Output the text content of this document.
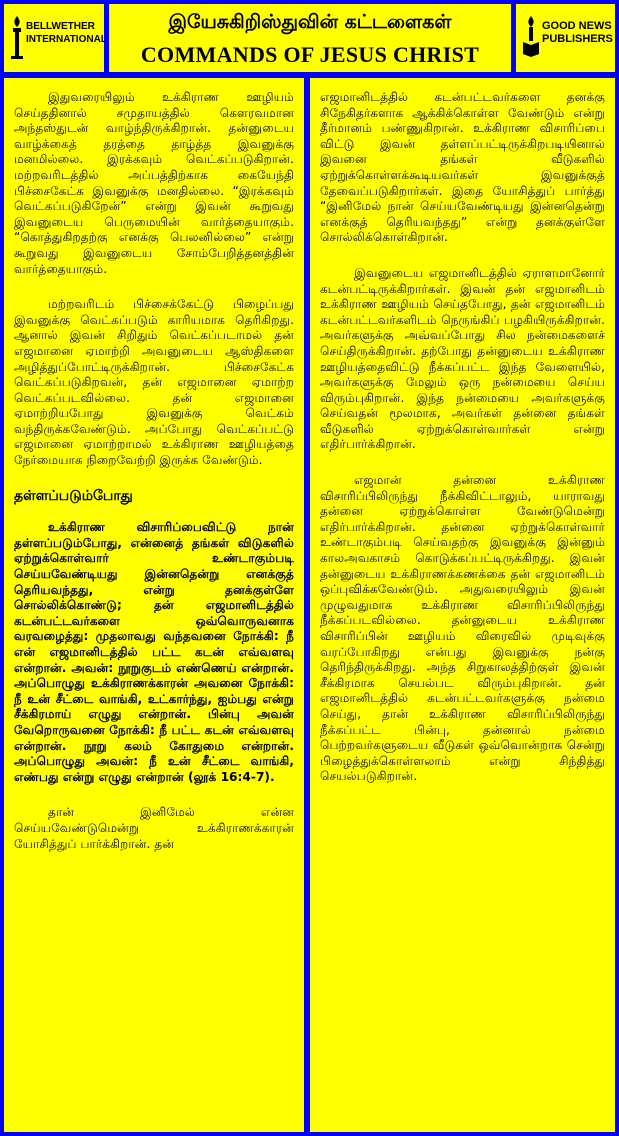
BELLWETHER
INTERNATIONAL
இயேசுகிறிஸ்துவின் கட்டளைகள்
COMMANDS OF JESUS CHRIST
GOOD NEWS
PUBLISHERS

இதுவரையிலும் உக்கிராண ஊழியம் செய்ததினால் சமுதாயத்தில் கௌரவமான அந்தஸ்துடன் வாழ்ந்திருக்கிறான். தன்னுடைய வாழ்க்கைத் தரத்தை தாழ்த்த இவனுக்கு மனமில்லை. இரக்கவும் வெட்கப்படுகிறான். மற்றவரிடத்தில் அப்பத்திற்காக கையேந்தி பிச்சைகேட்க இவனுக்கு மனதில்லை. “இரக்கவும் வெட்கப்படுகிறேன்” என்று இவன் கூறுவது இவனுடைய பெருமையின் வார்த்தையாகும். “கொத்துகிறதற்கு எனக்கு பெலனில்லை” என்று கூறுவது இவனுடைய சோம்பேறித்தனத்தின் வார்த்தையாகும்.

மற்றவரிடம் பிச்சைக்கேட்டு பிழைப்பது இவனுக்கு வெட்கப்படும் காரியமாக தெரிகிறது. ஆனால் இவன் சிறிதும் வெட்கப்படாமல் தன் எஜமானை ஏமாற்றி அவனுடைய ஆஸ்திகளை அழித்துப்போட்டிருக்கிறான். பிச்சைகேட்க வெட்கப்படுகிறவன், தன் எஜமானை ஏமாற்ற வெட்கப்படவில்லை. தன் எஜமானை ஏமாற்றியபோது இவனுக்கு வெட்கம் வந்திருக்கவேண்டும். அப்போது வெட்கப்பட்டு எஜமானை ஏமாற்றாமல் உக்கிராண ஊழியத்தை நேர்மையாக நிறைவேற்றி இருக்க வேண்டும்.

தள்ளப்படும்போது

உக்கிராண விசாரிப்பைவிட்டு நான் தள்ளப்படும்போது, என்னைத் தங்கள் விடுகளில் ஏற்றுக்கொள்வார் உண்டாகும்படி செய்யவேண்டியது இன்னதென்று எனக்குத் தெரியவந்தது, என்று தனக்குள்ளே சொல்லிக்கொண்டு; தன் எஜமானிடத்தில் கடன்பட்டவர்களை ஒவ்வொருவனாக வரவழைத்து: முதலாவது வந்தவனை நோக்கி: நீ என் எஜமானிடத்தில் பட்ட கடன் எவ்வளவு என்றான். அவன்: நூறுகுடம் எண்ணெய் என்றான். அப்பொழுது உக்கிராணக்காரன் அவனை நோக்கி: நீ உன் சீட்டை வாங்கி, உட்கார்ந்து, ஐம்பது என்று சீக்கிரமாய் எழுது என்றான். பின்பு அவன் வேறொருவனை நோக்கி: நீ பட்ட கடன் எவ்வளவு என்றான். நூறு கலம் கோதுமை என்றான். அப்பொழுது அவன்: நீ உன் சீட்டை வாங்கி, எண்பது என்று எழுது என்றான் (லூக் 16:4-7).

தான் இனிமேல் என்ன செய்யவேண்டுமென்று உக்கிராணக்காரன் யோசித்துப் பார்க்கிறான். தன்

எஜமானிடத்தில் கடன்பட்டவர்களை தனக்கு சிநேகிதர்களாக ஆக்கிக்கொள்ள வேண்டும் என்று தீர்மானம் பண்ணுகிறான். உக்கிராண விசாரிப்பை விட்டு இவன் தள்ளப்பட்டிருக்கிறபடியினால் இவனை தங்கள் வீடுகளில் ஏற்றுக்கொள்ளக்கூடியவர்கள் இவனுக்குத் தேவைப்படுகிறார்கள். இதை யோசித்துப் பார்த்து “இனிமேல் நான் செய்யவேண்டியது இன்னதென்று எனக்குத் தெரியவந்தது” என்று தனக்குள்ளே சொல்லிக்கொள்கிறான்.

இவனுடைய எஜமானிடத்தில் ஏராளமானோர் கடன்பட்டிருக்கிறார்கள். இவன் தன் எஜமானிடம் உக்கிராண ஊழியம் செய்தபோது, தன் எஜமானிடம் கடன்பட்டவர்களிடம் நெருங்கிப் பழகியிருக்கிறான். அவர்களுக்கு அவ்வப்போது சில நன்மைகளைச் செய்திருக்கிறான். தற்போது தன்னுடைய உக்கிராண ஊழியத்தைவிட்டு நீக்கப்பட்ட இந்த வேளையில், அவர்களுக்கு மேலும் ஒரு நன்மையை செய்ய விரும்புகிறான். இந்த நன்மையை அவர்களுக்கு செய்வதன் மூலமாக, அவர்கள் தன்னை தங்கள் வீடுகளில் ஏற்றுக்கொள்வார்கள் என்று எதிர்பார்க்கிறான்.

எஜமான் தன்னை உக்கிராண விசாரிப்பிலிருந்து நீக்கிவிட்டாலும், யாராவது தன்னை ஏற்றுக்கொள்ள வேண்டுமென்று எதிர்பார்க்கிறான். தன்னை ஏற்றுக்கொள்வார் உண்டாகும்படி செய்வதற்கு இவனுக்கு இன்னும் காலஅவகாசம் கொடுக்கப்பட்டிருக்கிறது. இவன் தன்னுடைய உக்கிராணக்கணக்கை தன் எஜமானிடம் ஒப்புவிக்கவேண்டும். அதுவரையிலும் இவன் முழுவதுமாக உக்கிராண விசாரிப்பிலிருந்து நீக்கப்படவில்லை. தன்னுடைய உக்கிராண விசாரிப்பின் ஊழியம் விரைவில் முடிவுக்கு வரப்போகிறது என்பது இவனுக்கு நன்கு தெரிந்திருக்கிறது. அந்த சிறுகாலத்திற்குள் இவன் சீக்கிரமாக செயல்பட விரும்புகிறான். தன் எஜமானிடத்தில் கடன்பட்டவர்களுக்கு நன்மை செய்து, தான் உக்கிராண விசாரிப்பிலிருந்து நீக்கப்பட்ட பின்பு, தன்னால் நன்மை பெற்றவர்களுடைய வீடுகள் ஒவ்வொன்றாக சென்று பிழைத்துக்கொள்ளலாம் என்று சிந்தித்து செயல்படுகிறான்.
